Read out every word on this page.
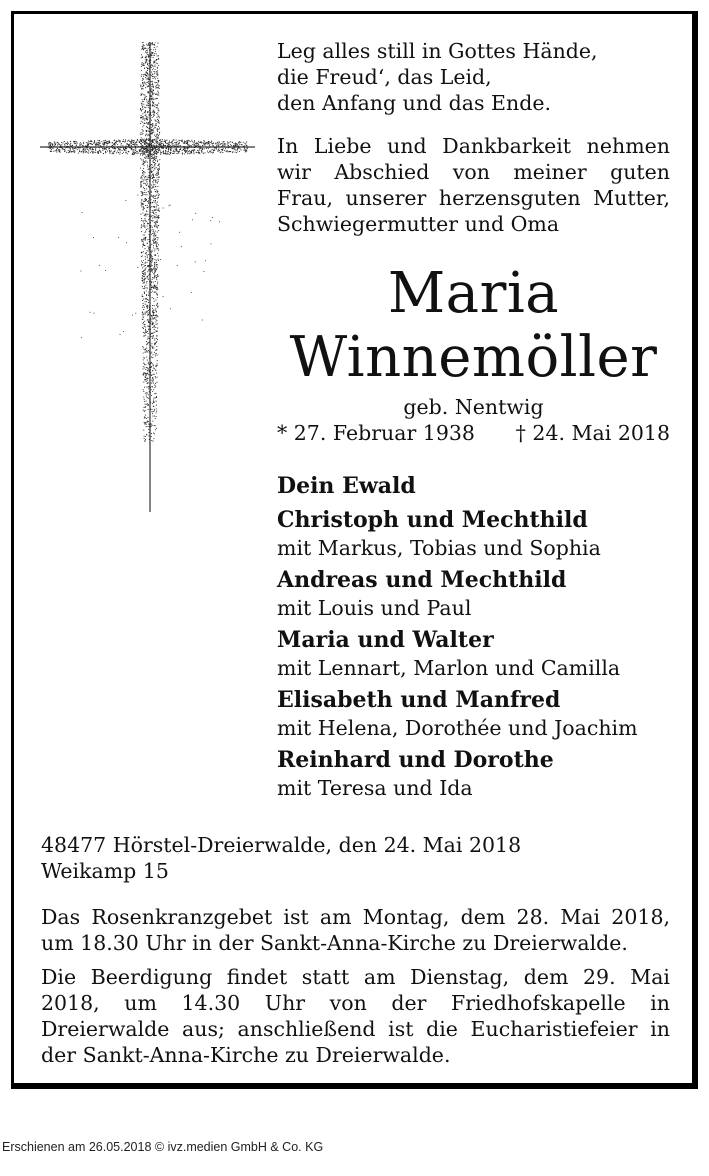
Leg alles still in Gottes Hände,
die Freud‘, das Leid,
den Anfang und das Ende.
In Liebe und Dankbarkeit nehmen
wir Abschied von meiner guten
Frau, unserer herzensguten Mutter,
Schwiegermutter und Oma
Maria
Winnemöller
geb. Nentwig
* 27. Februar 1938 † 24. Mai 2018
Dein Ewald
Christoph und Mechthild
mit Markus, Tobias und Sophia
Andreas und Mechthild
mit Louis und Paul
Maria und Walter
mit Lennart, Marlon und Camilla
Elisabeth und Manfred
mit Helena, Dorothée und Joachim
Reinhard und Dorothe
mit Teresa und Ida
48477 Hörstel-Dreierwalde, den 24. Mai 2018
Weikamp 15
Das Rosenkranzgebet ist am Montag, dem 28. Mai 2018,
um 18.30 Uhr in der Sankt-Anna-Kirche zu Dreierwalde.
Die Beerdigung findet statt am Dienstag, dem 29. Mai
2018, um 14.30 Uhr von der Friedhofskapelle in
Dreierwalde aus; anschließend ist die Eucharistiefeier in
der Sankt-Anna-Kirche zu Dreierwalde.
Erschienen am 26.05.2018 © ivz.medien GmbH & Co. KG
